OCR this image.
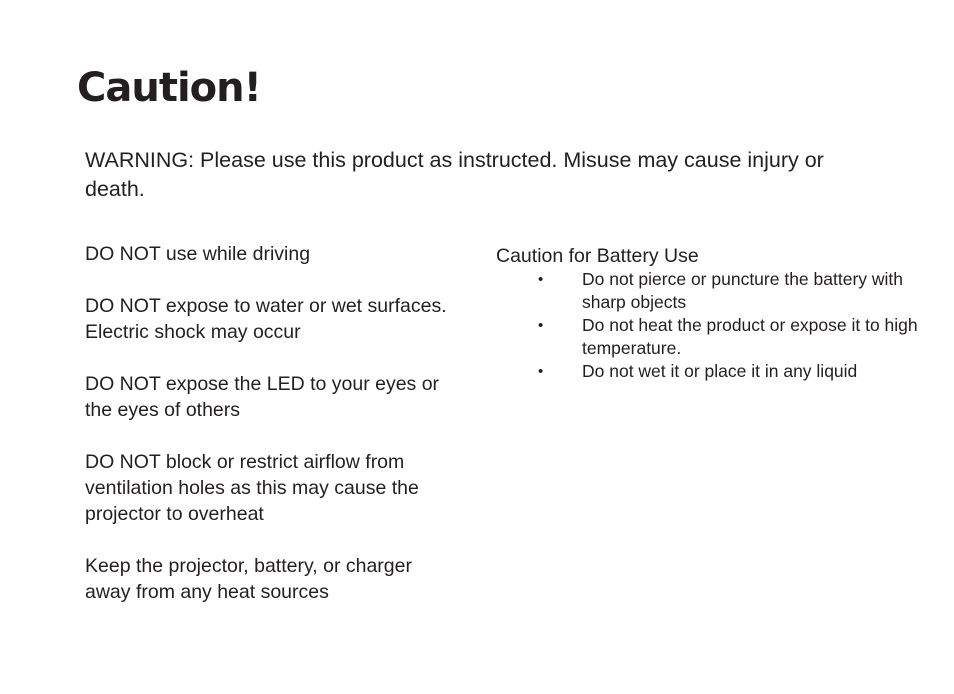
Caution!

WARNING: Please use this product as instructed. Misuse may cause injury or death.

DO NOT use while driving

DO NOT expose to water or wet surfaces. Electric shock may occur

DO NOT expose the LED to your eyes or the eyes of others

DO NOT block or restrict airflow from ventilation holes as this may cause the projector to overheat

Keep the projector, battery, or charger away from any heat sources

Caution for Battery Use

• Do not pierce or puncture the battery with sharp objects
• Do not heat the product or expose it to high temperature.
• Do not wet it or place it in any liquid
